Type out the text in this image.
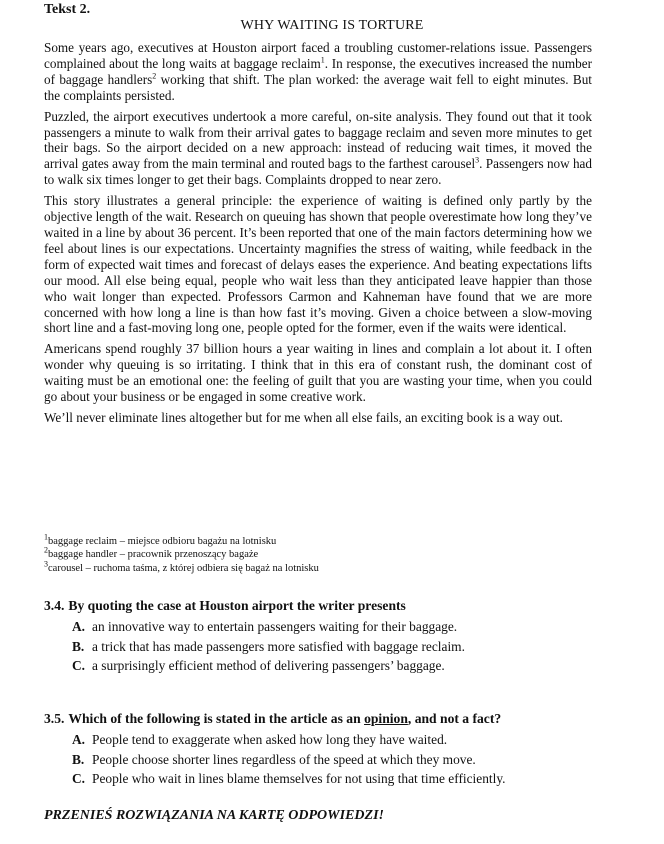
Tekst 2.

WHY WAITING IS TORTURE

Some years ago, executives at Houston airport faced a troubling customer-relations issue. Passengers complained about the long waits at baggage reclaim$^1$. In response, the executives increased the number of baggage handlers$^2$ working that shift. The plan worked: the average wait fell to eight minutes. But the complaints persisted.

Puzzled, the airport executives undertook a more careful, on-site analysis. They found out that it took passengers a minute to walk from their arrival gates to baggage reclaim and seven more minutes to get their bags. So the airport decided on a new approach: instead of reducing wait times, it moved the arrival gates away from the main terminal and routed bags to the farthest carousel$^3$. Passengers now had to walk six times longer to get their bags. Complaints dropped to near zero.

This story illustrates a general principle: the experience of waiting is defined only partly by the objective length of the wait. Research on queuing has shown that people overestimate how long they’ve waited in a line by about 36 percent. It’s been reported that one of the main factors determining how we feel about lines is our expectations. Uncertainty magnifies the stress of waiting, while feedback in the form of expected wait times and forecast of delays eases the experience. And beating expectations lifts our mood. All else being equal, people who wait less than they anticipated leave happier than those who wait longer than expected. Professors Carmon and Kahneman have found that we are more concerned with how long a line is than how fast it’s moving. Given a choice between a slow-moving short line and a fast-moving long one, people opted for the former, even if the waits were identical.

Americans spend roughly 37 billion hours a year waiting in lines and complain a lot about it. I often wonder why queuing is so irritating. I think that in this era of constant rush, the dominant cost of waiting must be an emotional one: the feeling of guilt that you are wasting your time, when you could go about your business or be engaged in some creative work.

We’ll never eliminate lines altogether but for me when all else fails, an exciting book is a way out.

$^1$baggage reclaim – miejsce odbioru bagażu na lotnisku

$^2$baggage handler – pracownik przenoszący bagaże

$^3$carousel – ruchoma taśma, z której odbiera się bagaż na lotnisku

3.4. By quoting the case at Houston airport the writer presents

A. an innovative way to entertain passengers waiting for their baggage.

B. a trick that has made passengers more satisfied with baggage reclaim.

C. a surprisingly efficient method of delivering passengers’ baggage.

3.5. Which of the following is stated in the article as an opinion, and not a fact?

A. People tend to exaggerate when asked how long they have waited.

B. People choose shorter lines regardless of the speed at which they move.

C. People who wait in lines blame themselves for not using that time efficiently.

PRZENIEŚ ROZWIĄZANIA NA KARTĘ ODPOWIEDZI!
